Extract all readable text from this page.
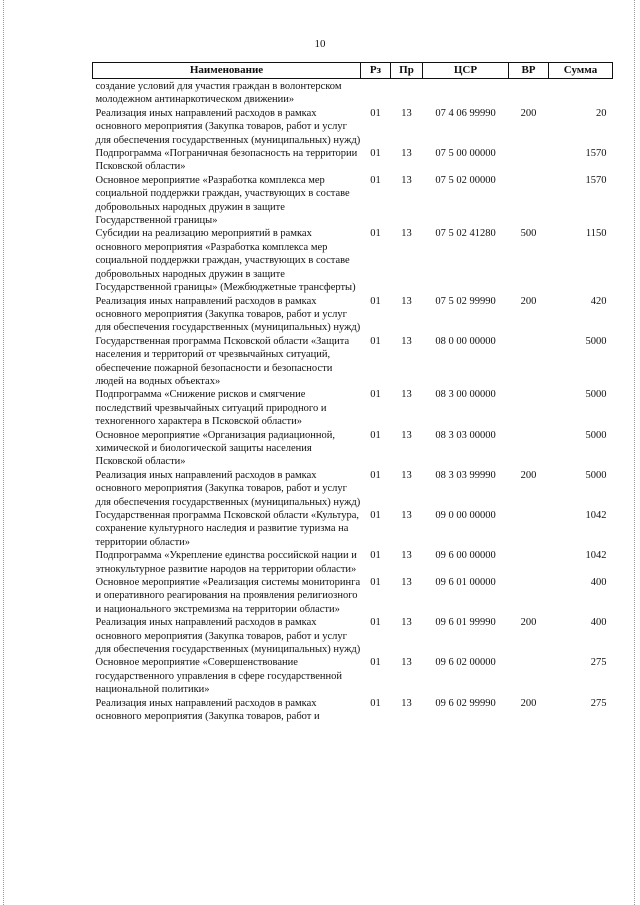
10
Наименование	Рз	Пр	ЦСР	ВР	Сумма
создание условий для участия граждан в волонтерском молодежном антинаркотическом движении»					
Реализация иных направлений расходов в рамках основного мероприятия (Закупка товаров, работ и услуг для обеспечения государственных (муниципальных) нужд)	01	13	07 4 06 99990	200	20
Подпрограмма «Пограничная безопасность на территории Псковской области»	01	13	07 5 00 00000		1570
Основное мероприятие «Разработка комплекса мер социальной поддержки граждан, участвующих в составе добровольных народных дружин в защите Государственной границы»	01	13	07 5 02 00000		1570
Субсидии на реализацию мероприятий в рамках основного мероприятия «Разработка комплекса мер социальной поддержки граждан, участвующих в составе добровольных народных дружин в защите Государственной границы» (Межбюджетные трансферты)	01	13	07 5 02 41280	500	1150
Реализация иных направлений расходов в рамках основного мероприятия (Закупка товаров, работ и услуг для обеспечения государственных (муниципальных) нужд)	01	13	07 5 02 99990	200	420
Государственная программа Псковской области «Защита населения и территорий от чрезвычайных ситуаций, обеспечение пожарной безопасности и безопасности людей на водных объектах»	01	13	08 0 00 00000		5000
Подпрограмма «Снижение рисков и смягчение последствий чрезвычайных ситуаций природного и техногенного характера в Псковской области»	01	13	08 3 00 00000		5000
Основное мероприятие «Организация радиационной, химической и биологической защиты населения Псковской области»	01	13	08 3 03 00000		5000
Реализация иных направлений расходов в рамках основного мероприятия (Закупка товаров, работ и услуг для обеспечения государственных (муниципальных) нужд)	01	13	08 3 03 99990	200	5000
Государственная программа Псковской области «Культура, сохранение культурного наследия и развитие туризма на территории области»	01	13	09 0 00 00000		1042
Подпрограмма «Укрепление единства российской нации и этнокультурное развитие народов на территории области»	01	13	09 6 00 00000		1042
Основное мероприятие «Реализация системы мониторинга и оперативного реагирования на проявления религиозного и национального экстремизма на территории области»	01	13	09 6 01 00000		400
Реализация иных направлений расходов в рамках основного мероприятия (Закупка товаров, работ и услуг для обеспечения государственных (муниципальных) нужд)	01	13	09 6 01 99990	200	400
Основное мероприятие «Совершенствование государственного управления в сфере государственной национальной политики»	01	13	09 6 02 00000		275
Реализация иных направлений расходов в рамках основного мероприятия (Закупка товаров, работ и	01	13	09 6 02 99990	200	275
